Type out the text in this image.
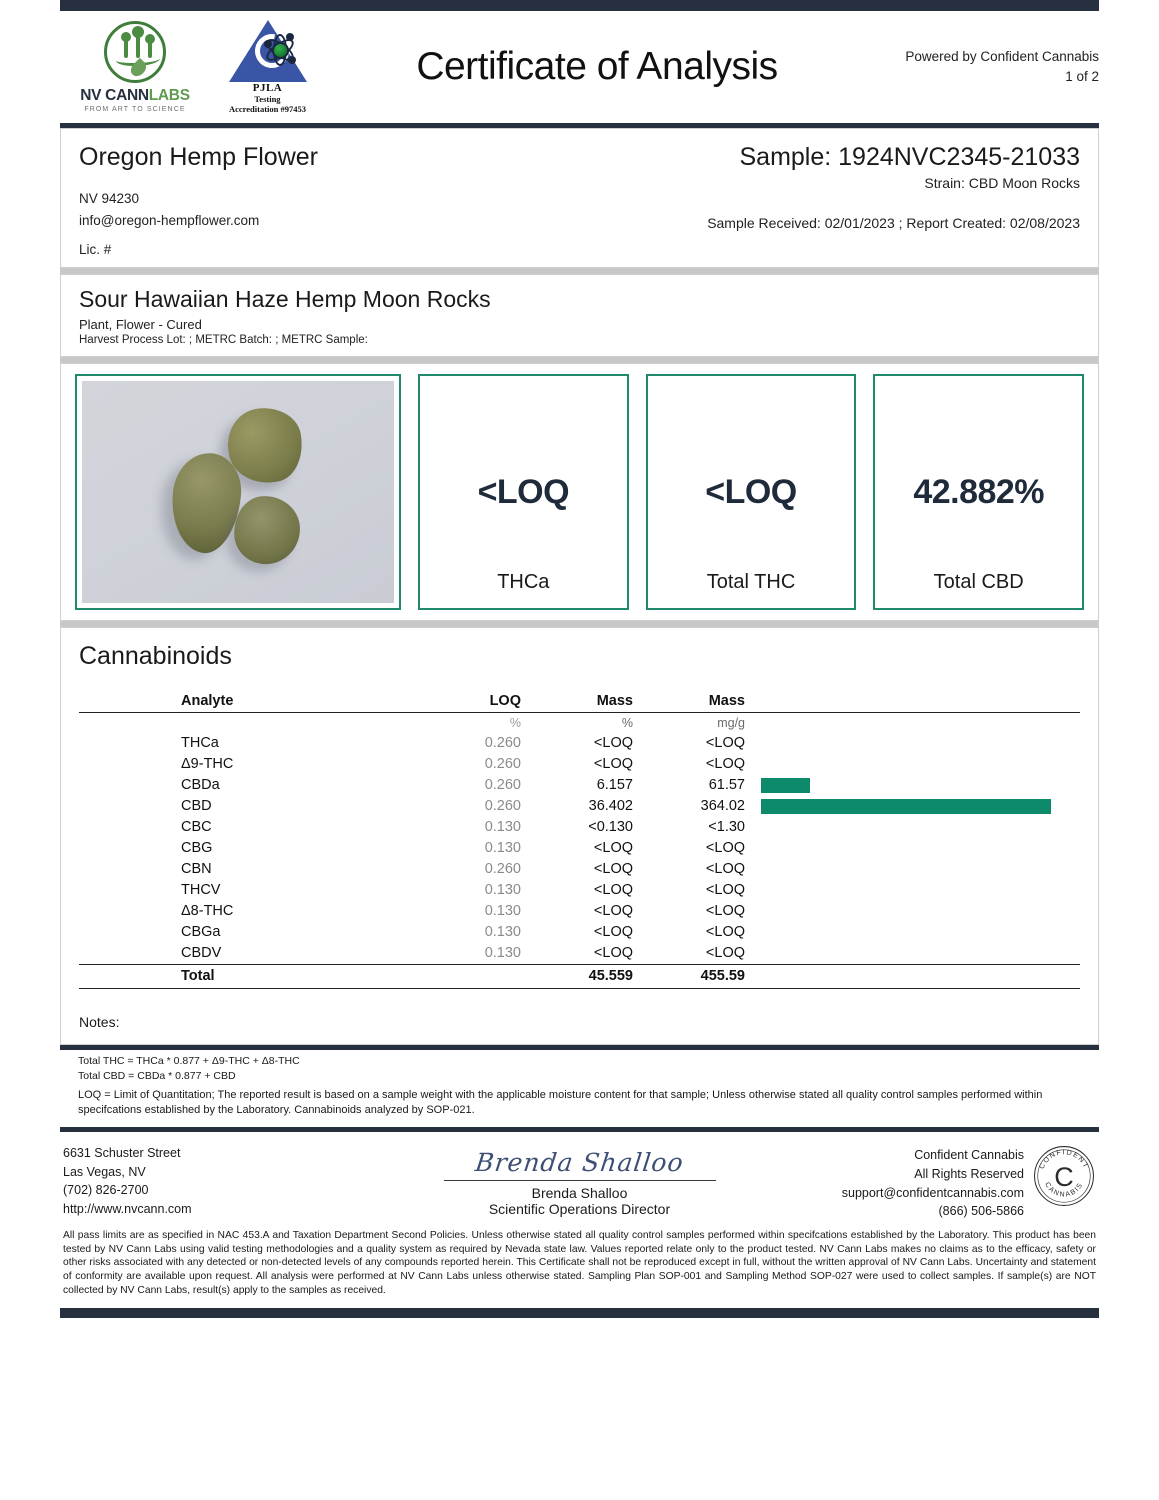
NV CANNLABS
FROM ART TO SCIENCE
PJLA
Testing
Accreditation #97453
Certificate of Analysis	Powered by Confident Cannabis
1 of 2
Oregon Hemp Flower
NV 94230
info@oregon-hempflower.com
Lic. #
Sample: 1924NVC2345-21033
Strain: CBD Moon Rocks
Sample Received: 02/01/2023 ; Report Created: 02/08/2023
Sour Hawaiian Haze Hemp Moon Rocks
Plant, Flower - Cured
Harvest Process Lot: ; METRC Batch: ; METRC Sample:
<LOQ
THCa
<LOQ
Total THC
42.882%
Total CBD
Cannabinoids
Analyte	LOQ	Mass	Mass	
	%	%	mg/g	
THCa	0.260	<LOQ	<LOQ	
Δ9-THC	0.260	<LOQ	<LOQ	
CBDa	0.260	6.157	61.57	

CBD	0.260	36.402	364.02	

CBC	0.130	<0.130	<1.30	
CBG	0.130	<LOQ	<LOQ	
CBN	0.260	<LOQ	<LOQ	
THCV	0.130	<LOQ	<LOQ	
Δ8-THC	0.130	<LOQ	<LOQ	
CBGa	0.130	<LOQ	<LOQ	
CBDV	0.130	<LOQ	<LOQ	
Total		45.559	455.59	

Notes:

Total THC = THCa * 0.877 + Δ9-THC + Δ8-THC

Total CBD = CBDa * 0.877 + CBD

LOQ = Limit of Quantitation; The reported result is based on a sample weight with the applicable moisture content for that sample; Unless otherwise stated all quality control samples performed within specifcations established by the Laboratory. Cannabinoids analyzed by SOP-021.

6631 Schuster Street
Las Vegas, NV
(702) 826-2700
http://www.nvcann.com
Brenda Shalloo
Brenda Shalloo
Scientific Operations Director
Confident Cannabis
All Rights Reserved
support@confidentcannabis.com
(866) 506-5866
CONFIDENT
CANNABIS
C
All pass limits are as specified in NAC 453.A and Taxation Department Second Policies. Unless otherwise stated all quality control samples performed within specifcations established by the Laboratory. This product has been tested by NV Cann Labs using valid testing methodologies and a quality system as required by Nevada state law. Values reported relate only to the product tested. NV Cann Labs makes no claims as to the efficacy, safety or other risks associated with any detected or non-detected levels of any compounds reported herein. This Certificate shall not be reproduced except in full, without the written approval of NV Cann Labs. Uncertainty and statement of conformity are available upon request. All analysis were performed at NV Cann Labs unless otherwise stated. Sampling Plan SOP-001 and Sampling Method SOP-027 were used to collect samples. If sample(s) are NOT collected by NV Cann Labs, result(s) apply to the samples as received.
